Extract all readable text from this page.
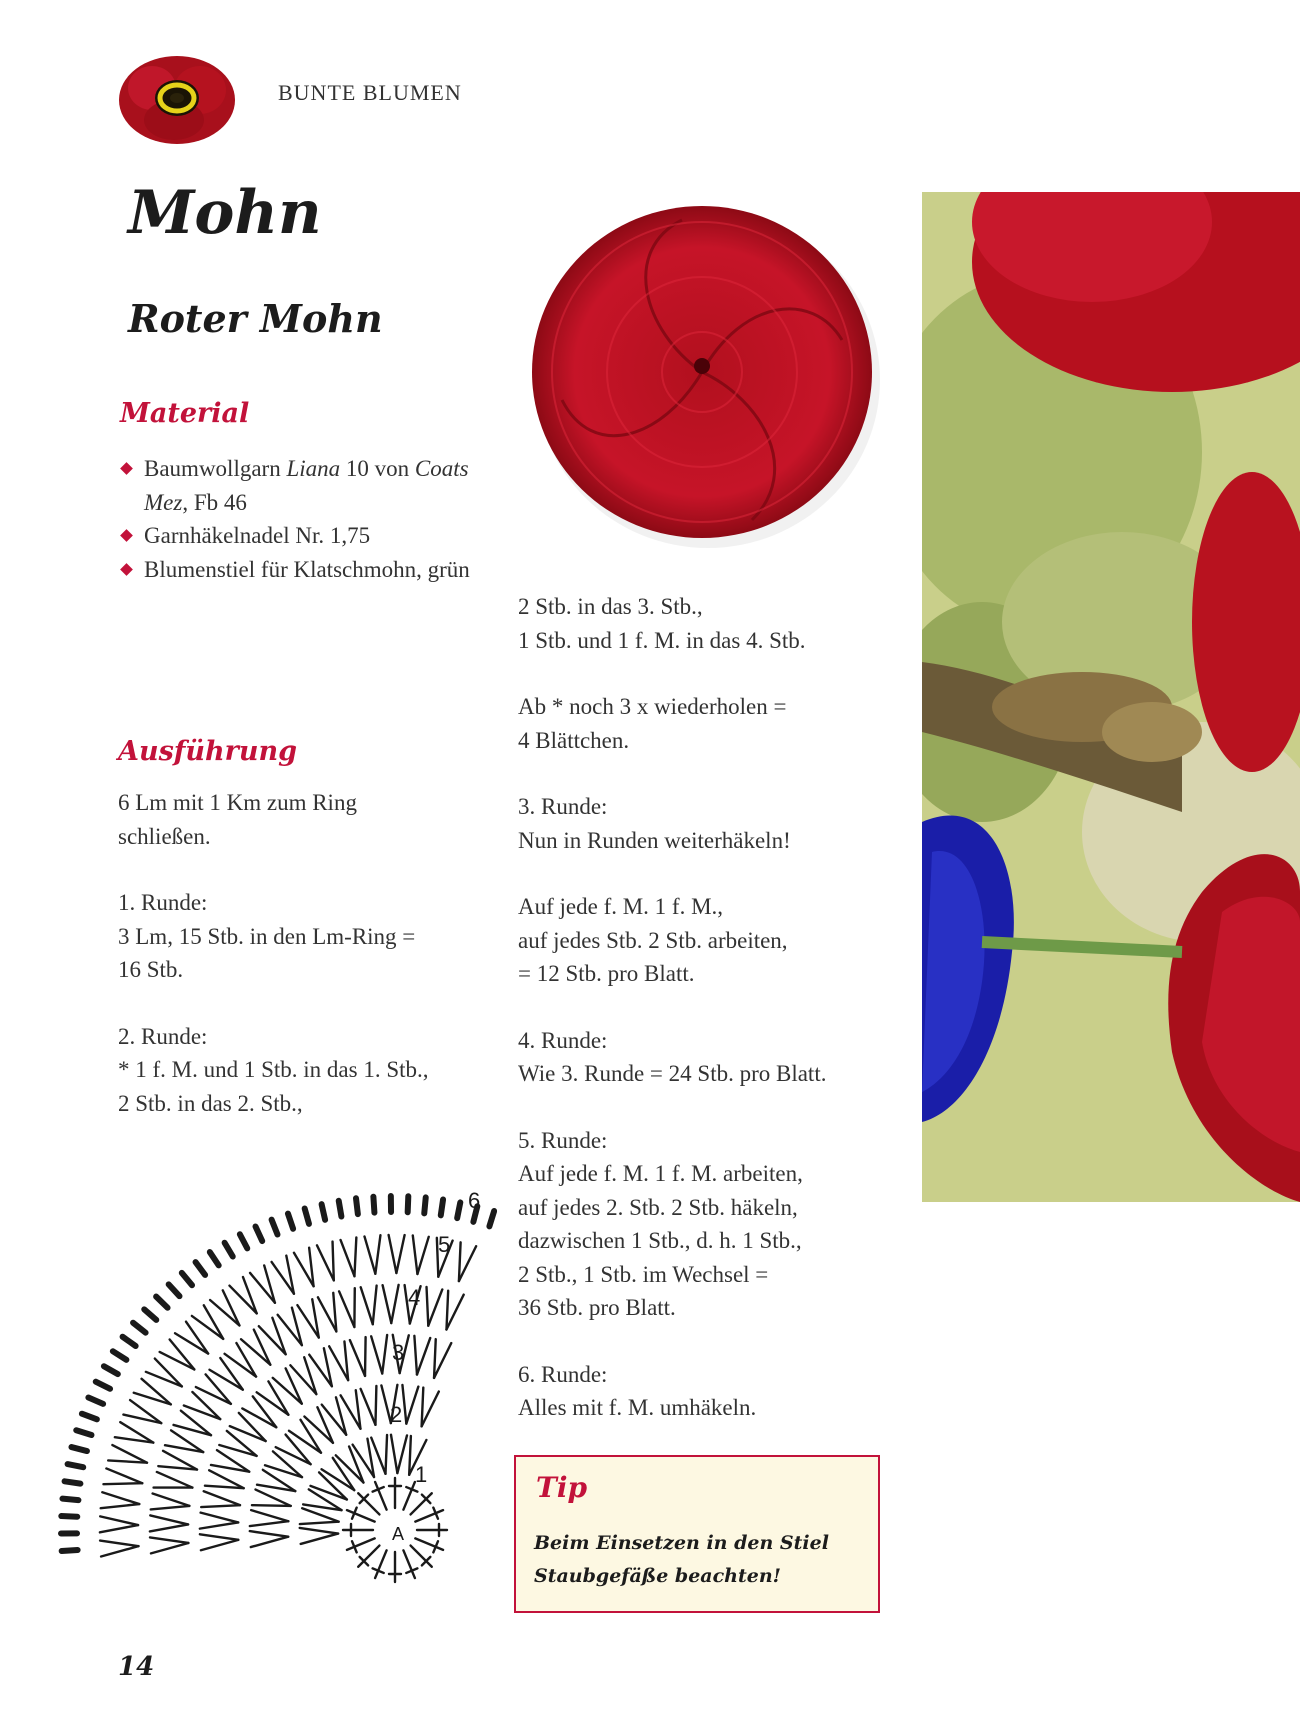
BUNTE BLUMEN
Mohn
Roter Mohn
Material
Baumwollgarn Liana 10 von Coats Mez, Fb 46
Garnhäkelnadel Nr. 1,75
Blumenstiel für Klatschmohn, grün
Ausführung

6 Lm mit 1 Km zum Ring
schließen.

1. Runde:
3 Lm, 15 Stb. in den Lm-Ring =
16 Stb.

2. Runde:
* 1 f. M. und 1 Stb. in das 1. Stb.,
2 Stb. in das 2. Stb.,

2 Stb. in das 3. Stb.,
1 Stb. und 1 f. M. in das 4. Stb.

Ab * noch 3 x wiederholen =
4 Blättchen.

3. Runde:
Nun in Runden weiterhäkeln!

Auf jede f. M. 1 f. M.,
auf jedes Stb. 2 Stb. arbeiten,
= 12 Stb. pro Blatt.

4. Runde:
Wie 3. Runde = 24 Stb. pro Blatt.

5. Runde:
Auf jede f. M. 1 f. M. arbeiten,
auf jedes 2. Stb. 2 Stb. häkeln,
dazwischen 1 Stb., d. h. 1 Stb.,
2 Stb., 1 Stb. im Wechsel =
36 Stb. pro Blatt.

6. Runde:
Alles mit f. M. umhäkeln.

A
1
2
3
4
5
6
Tip
Beim Einsetzen in den Stiel Staubgefäße beachten!
14
